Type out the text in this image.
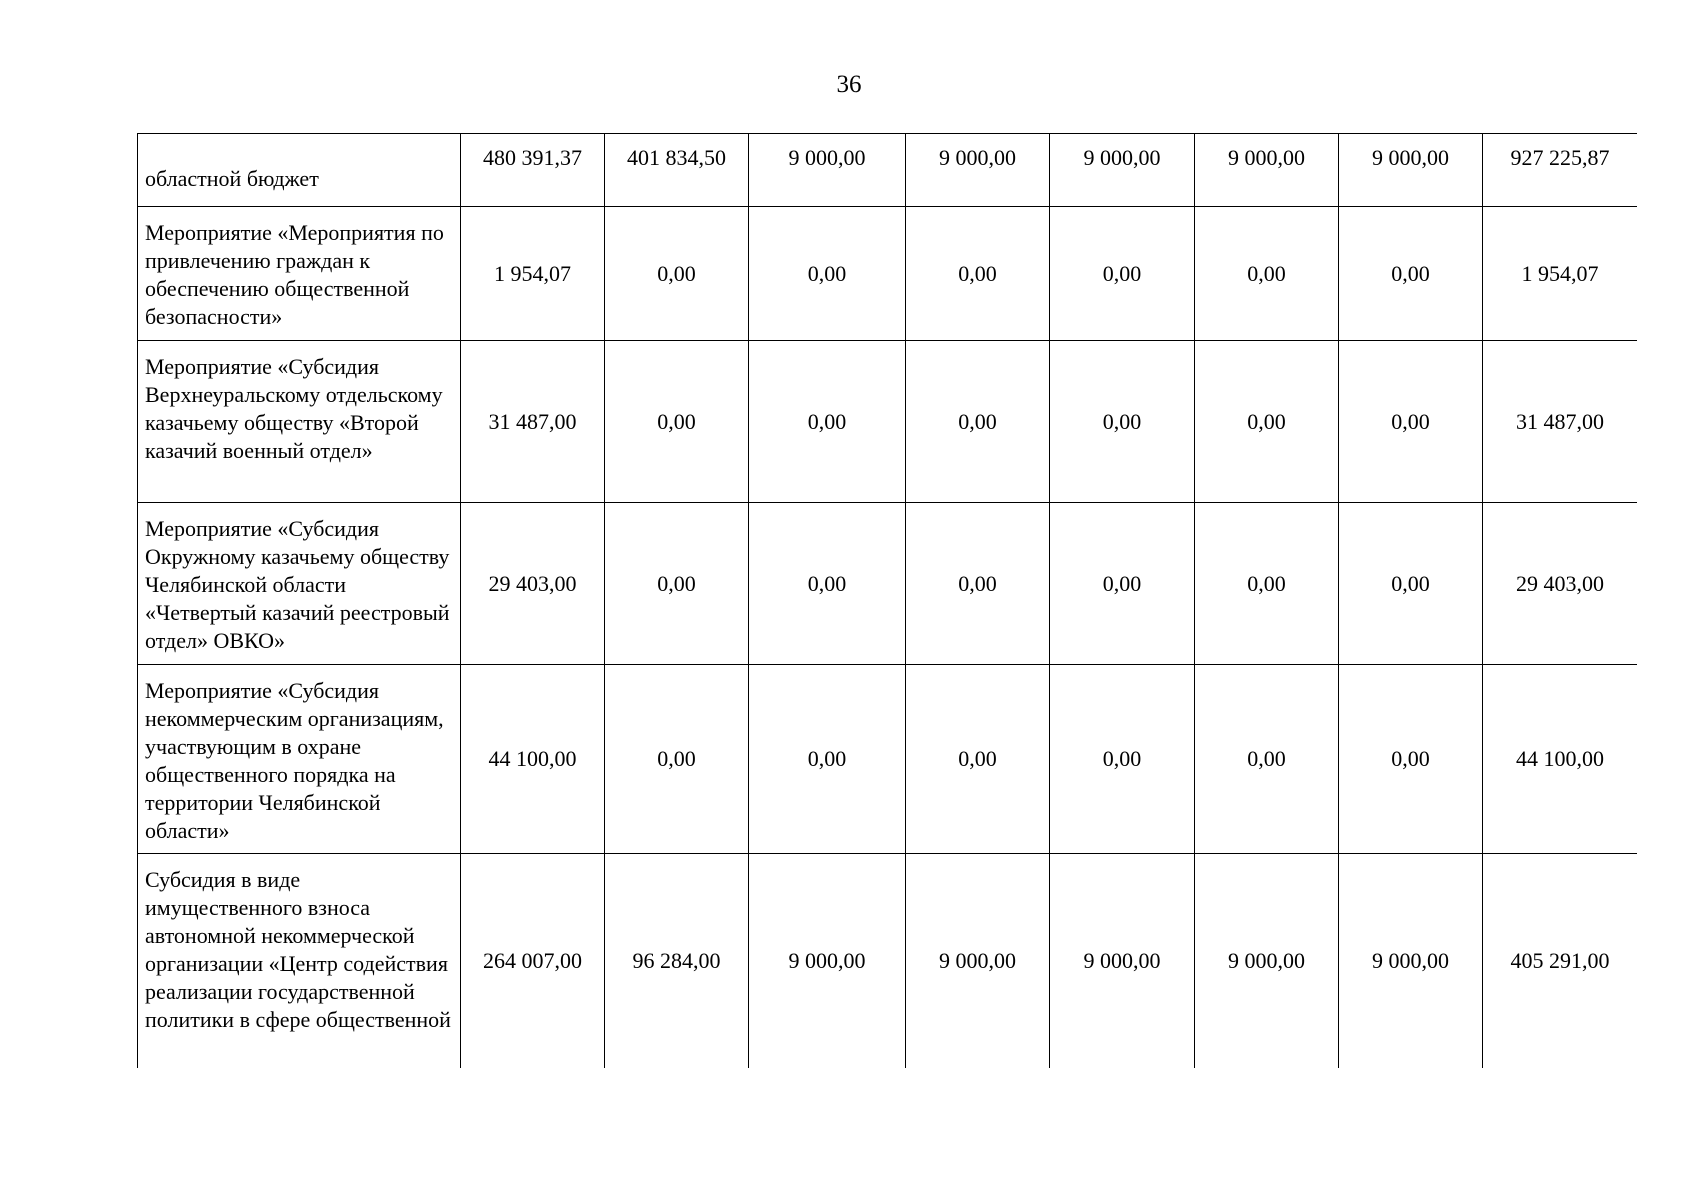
36
областной бюджет	480 391,37	401 834,50	9 000,00	9 000,00	9 000,00	9 000,00	9 000,00	927 225,87
Мероприятие «Мероприятия по привлечению граждан к обеспечению общественной безопасности»	1 954,07	0,00	0,00	0,00	0,00	0,00	0,00	1 954,07
Мероприятие «Субсидия Верхнеуральскому отдельскому казачьему обществу «Второй казачий военный отдел»	31 487,00	0,00	0,00	0,00	0,00	0,00	0,00	31 487,00
Мероприятие «Субсидия Окружному казачьему обществу Челябинской области «Четвертый казачий реестровый отдел» ОВКО»	29 403,00	0,00	0,00	0,00	0,00	0,00	0,00	29 403,00
Мероприятие «Субсидия некоммерческим организациям, участвующим в охране общественного порядка на территории Челябинской области»	44 100,00	0,00	0,00	0,00	0,00	0,00	0,00	44 100,00
Субсидия в виде имущественного взноса автономной некоммерческой организации «Центр содействия реализации государственной политики в сфере общественной	264 007,00	96 284,00	9 000,00	9 000,00	9 000,00	9 000,00	9 000,00	405 291,00
